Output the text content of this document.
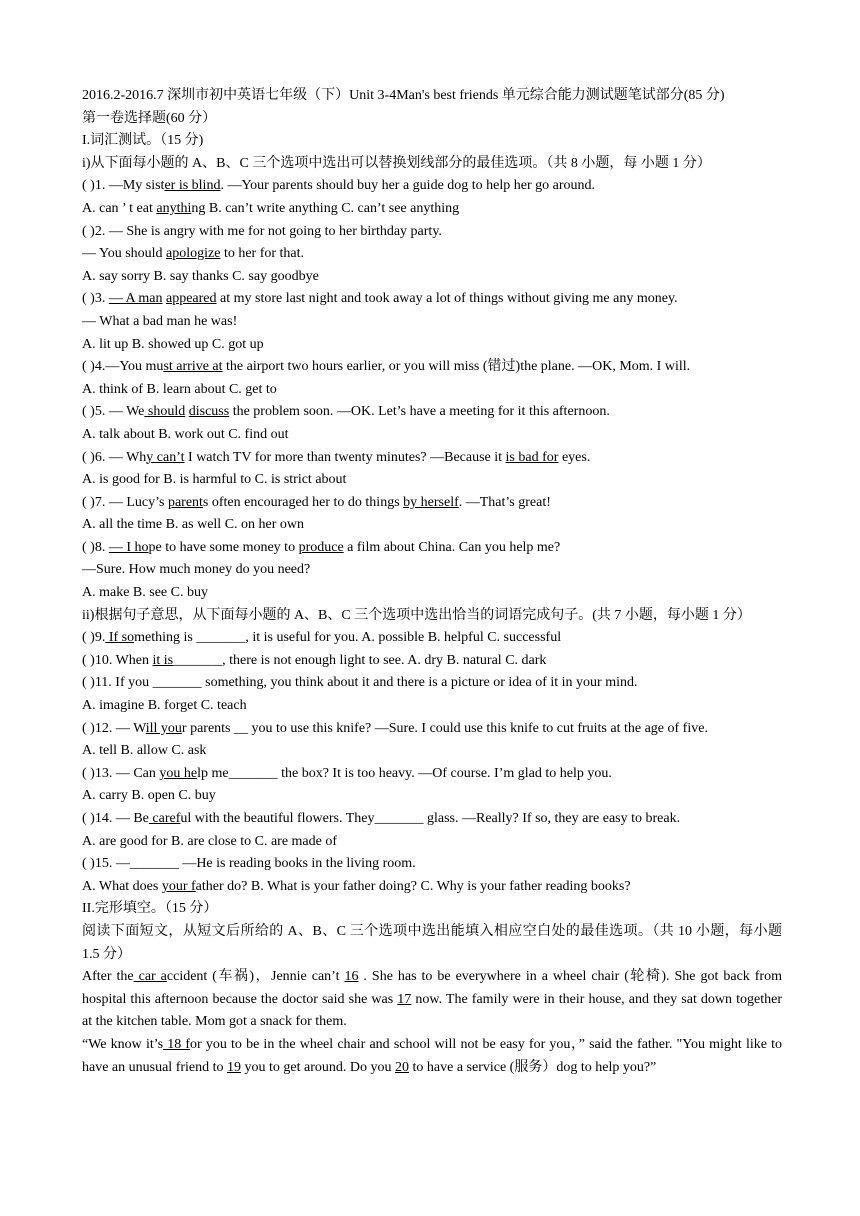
2016.2-2016.7 深圳市初中英语七年级（下）Unit 3-4Man's best friends 单元综合能力测试题笔试部分(85 分)
第一卷选择题(60 分）
I.词汇测试。（15 分)
i)从下面每小题的 A、B、C 三个选项中选出可以替换划线部分的最佳选项。（共 8 小题，每 小题 1 分）
( )1. —My sister is blind. —Your parents should buy her a guide dog to help her go around.
A. can ’ t eat anything B. can’t write anything C. can’t see anything
( )2. — She is angry with me for not going to her birthday party.
— You should apologize to her for that.
A. say sorry B. say thanks C. say goodbye
( )3. — A man appeared at my store last night and took away a lot of things without giving me any money.
— What a bad man he was!
A. lit up B. showed up C. got up
( )4.—You must arrive at the airport two hours earlier, or you will miss (错过)the plane. —OK, Mom. I will.
A. think of B. learn about C. get to
( )5. — We should discuss the problem soon. —OK. Let’s have a meeting for it this afternoon.
A. talk about B. work out C. find out
( )6. — Why can’t I watch TV for more than twenty minutes? —Because it is bad for eyes.
A. is good for B. is harmful to C. is strict about
( )7. — Lucy’s parents often encouraged her to do things by herself. —That’s great!
A. all the time B. as well C. on her own
( )8. — I hope to have some money to produce a film about China. Can you help me?
—Sure. How much money do you need?
A. make B. see C. buy
ii)根据句子意思，从下面每小题的 A、B、C 三个选项中选出恰当的词语完成句子。(共 7 小题，每小题 1 分）
( )9. If something is _______, it is useful for you. A. possible B. helpful C. successful
( )10. When it is_______, there is not enough light to see. A. dry B. natural C. dark
( )11. If you _______ something, you think about it and there is a picture or idea of it in your mind.
A. imagine B. forget C. teach
( )12. — Will your parents __ you to use this knife? —Sure. I could use this knife to cut fruits at the age of five.
A. tell B. allow C. ask
( )13. — Can you help me_______ the box? It is too heavy. —Of course. I’m glad to help you.
A. carry B. open C. buy
( )14. — Be careful with the beautiful flowers. They_______ glass. —Really? If so, they are easy to break.
A. are good for B. are close to C. are made of
( )15. —_______ —He is reading books in the living room.
A. What does your father do? B. What is your father doing? C. Why is your father reading books?
II.完形填空。（15 分）
阅读下面短文，从短文后所给的 A、B、C 三个选项中选出能填入相应空白处的最佳选项。（共 10 小题，每小题 1.5 分）
After the car accident (车祸)，Jennie can’t 16 . She has to be everywhere in a wheel chair (轮椅). She got back from hospital this afternoon because the doctor said she was 17 now. The family were in their house, and they sat down together at the kitchen table. Mom got a snack for them.
“We know it’s 18 for you to be in the wheel chair and school will not be easy for you，” said the father. "You might like to have an unusual friend to 19 you to get around. Do you 20 to have a service (服务）dog to help you?”
